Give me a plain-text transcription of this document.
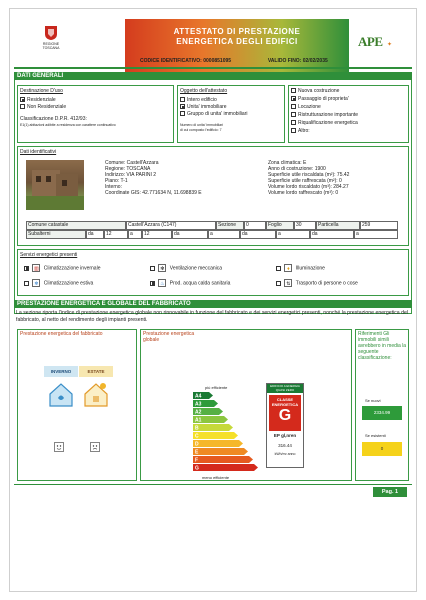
REGIONE TOSCANA
ATTESTATO DI PRESTAZIONE
ENERGETICA DEGLI EDIFICI	APE ✦
CODICE IDENTIFICATIVO: 0000851095	VALIDO FINO: 02/02/2035
DATI GENERALI
Destinazione D'uso
Residenziale
Non Residenziale
Classificazione D.P.R. 412/93:
E1(1) abitazioni adibite a residenza con carattere continuativo
Oggetto dell'attestato
Intero edificio
Unita' immobiliare
Gruppo di unita' immobiliari
Numero di unita' immobiliari
di cui composto l'edificio: 7
Nuova costruzione
Passaggio di proprieta'
Locazione
Ristrutturazione importante
Riqualificazione energetica
Altro:
Dati identificativi
Comune: Castell'Azzara
Regione: TOSCANA
Indirizzo: VIA PARINI 2
Piano: T-1
Interno:
Coordinate GIS: 42.771634 N, 11.698839 E
Zona climatica: E
Anno di costruzione: 1900
Superficie utile riscaldata (m²): 75.42
Superficie utile raffrescata (m²): 0
Volume lordo riscaldato (m³): 284.27
Volume lordo raffrescato (m³): 0
Comune catastale	Castell'Azzara (C147)	Sezione	0	Foglio	30	Particella	259
Subalterni	da	12	a	12	da	a	da	a	da	a
Servizi energetici presenti
▥ Climatizzazione invernale	✻ Ventilazione meccanica	♦ Illuminazione
❄ Climatizzazione estiva	♨ Prod. acqua calda sanitaria	⇅ Trasporto di persone o cose
PRESTAZIONE ENERGETICA E GLOBALE DEL FABBRICATO
La sezione riporta l'indice di prestazione energetica globale non rinnovabile in funzione del fabbricato e dei servizi energetici presenti, nonché la prestazione energetica del fabbricato, al netto del rendimento degli impianti presenti.
Prestazione energetica del fabbricato
INVERNO	ESTATE
Prestazione energetica globale
più efficiente
A4
A3
A2
A1
B
C
D
E
F
G
meno efficiente
EDIFICIO A ENERGIA QUASI ZERO
CLASSE ENERGETICA
G
EP gl,nren
316.44
kWh/m² anno
Riferimenti Gli immobili simili avrebbero in media la seguente classificazione:
Se nuovi
2334.99
Se esistenti
0
Pag. 1
